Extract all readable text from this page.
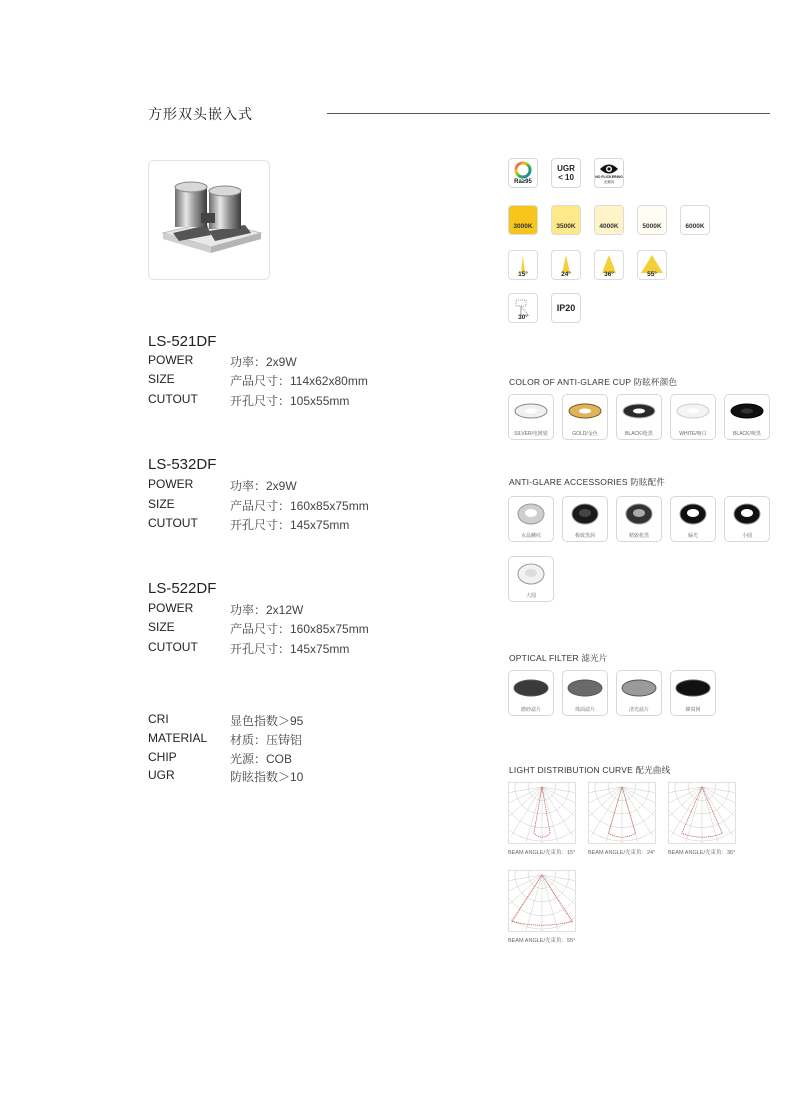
方形双头嵌入式
LS-521DF
POWER	功率：2x9W
SIZE	产品尺寸：114x62x80mm
CUTOUT	开孔尺寸：105x55mm
LS-532DF
POWER	功率：2x9W
SIZE	产品尺寸：160x85x75mm
CUTOUT	开孔尺寸：145x75mm
LS-522DF
POWER	功率：2x12W
SIZE	产品尺寸：160x85x75mm
CUTOUT	开孔尺寸：145x75mm
CRI	显色指数＞95
MATERIAL 材质：压铸铝
CHIP	光源：COB
UGR	防眩指数＞10
Ra≥95
UGR
< 10	NO FLICKERING
无频闪
3000K	3500K	4000K	5000K	6000K
15°	24°	36°	55°
30°
IP20
COLOR OF ANTI-GLARE CUP 防眩杯颜色
SILVER/电镀银	GOLD/金色	BLACK/枪黑	WHITE/哑白	BLACK/哑黑
ANTI-GLARE ACCESSORIES 防眩配件
水晶鳞纹	极致黑洞	精致枪黑	偏光	小圆
大圆
OPTICAL FILTER 滤光片
磨砂滤片	珠面滤片	清光滤片	蜂窝网
LIGHT DISTRIBUTION CURVE 配光曲线
BEAM ANGLE/光束角：15° BEAM ANGLE/光束角：24° BEAM ANGLE/光束角：36°
BEAM ANGLE/光束角：55°
